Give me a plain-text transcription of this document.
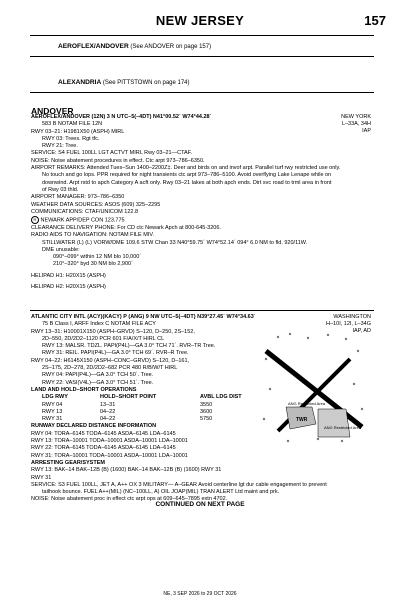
NEW JERSEY	157
AEROFLEX/ANDOVER (See ANDOVER on page 157)
ALEXANDRIA (See PITTSTOWN on page 174)
ANDOVER
NEW YORK
L–33A, 34H
IAP
AEROFLEX/ANDOVER (12N) 3 N UTC–5(–4DT) N41°00.52´ W74°44.28´
583 B NOTAM FILE 12N
RWY 03–21: H1981X50 (ASPH) MIRL
RWY 03: Trees. Rgt tfc.
RWY 21: Tree.
SERVICE: S4 FUEL 100LL LGT ACTVT MIRL Rwy 03–21—CTAF.
NOISE: Noise abatement procedures in effect. Ctc arpt 973–786–6350.
AIRPORT REMARKS: Attended Tues–Sun 1400–2200Z‡. Deer and birds on and invof arpt. Parallel turf rwy restricted use only.
No touch and go lops. PPR required for night transients ctc arpt 973–786–5100. Avoid overflying Lake Lenape while on
downwind. Arpt rstd to apch Category A acft only. Rwy 03–21 lakes at both apch ends. Dirt svc road to trml area in front
of Rwy 03 thld.
AIRPORT MANAGER: 973–786–6350
WEATHER DATA SOURCES: ASOS (609) 325–2295
COMMUNICATIONS: CTAF/UNICOM 122.8
R NEWARK APP/DEP CON 123.775
CLEARANCE DELIVERY PHONE: For CD ctc Newark Apch at 800-645-3206.
RADIO AIDS TO NAVIGATION: NOTAM FILE MIV.
STILLWATER (L) (L) VORW/DME 109.6 STW Chan 33 N40°59.75´ W74°52.14´ 094° 6.0 NM to fld. 920/11W.
DME unusable:
090°–099° within 12 NM blo 10,000´
210°–320° byd 30 NM blo 2,900´
HELIPAD H1: H20X15 (ASPH)
HELIPAD H2: H20X15 (ASPH)
WASHINGTON
H–10I, 12I, L–34G
IAP, AD
ATLANTIC CITY INTL (ACY)(KACY) P (ANG) 9 NW UTC–5(–4DT) N39°27.45´ W74°34.63´
75 B Class I, ARFF Index C NOTAM FILE ACY
RWY 13–31: H10001X150 (ASPH–GRVD) S–120, D–250, 2S–152,
2D–550, 2D/2D2–1120 PCR 601 F/A/X/T HIRL CL
RWY 13: MALSR. TDZL. PAPI(P4L)—GA 3.0° TCH 71´. RVR–TR Tree.
RWY 31: REIL. PAPI(P4L)—GA 3.0° TCH 69´. RVR–R Tree.
RWY 04–22: H6145X150 (ASPH–CONC–GRVD) S–120, D–161,
2S–175, 2D–278, 2D/2D2–682 PCR 480 R/B/W/T HIRL
RWY 04: PAPI(P4L)—GA 3.0° TCH 50´. Tree.
RWY 22: VASI(V4L)—GA 3.0° TCH 51´. Tree.
LAND AND HOLD–SHORT OPERATIONS
LDG RWY	HOLD–SHORT POINT	AVBL LDG DIST
RWY 04	13–31	3550
RWY 13	04–22	3600
RWY 31	04–22	5750
RUNWAY DECLARED DISTANCE INFORMATION
RWY 04: TORA–6145 TODA–6145 ASDA–6145 LDA–6145
RWY 13: TORA–10001 TODA–10001 ASDA–10001 LDA–10001
RWY 22: TORA–6145 TODA–6145 ASDA–6145 LDA–6145
RWY 31: TORA–10001 TODA–10001 ASDA–10001 LDA–10001
ARRESTING GEAR/SYSTEM
RWY 13: BAK–14 BAK–12B (B) (1600) BAK–14 BAK–12B (B) (1600) RWY 31
RWY 31
SERVICE: S3 FUEL 100LL, JET A, A++ OX 3 MILITARY— A–GEAR Avoid centerline lgt dur cable engagement to prevent
tailhook bounce. FUEL A++(MIL) (NC–100LL, A) OIL JOAP(MIL) TRAN ALERT Ltd maint and prk.
NOISE: Noise abatement proc in effect ctc arpt ops at 609–645–7895 extn 4702.
ANG Restricted Area
TWR
ANG Restricted Area
CONTINUED ON NEXT PAGE
NE, 3 SEP 2026 to 29 OCT 2026
